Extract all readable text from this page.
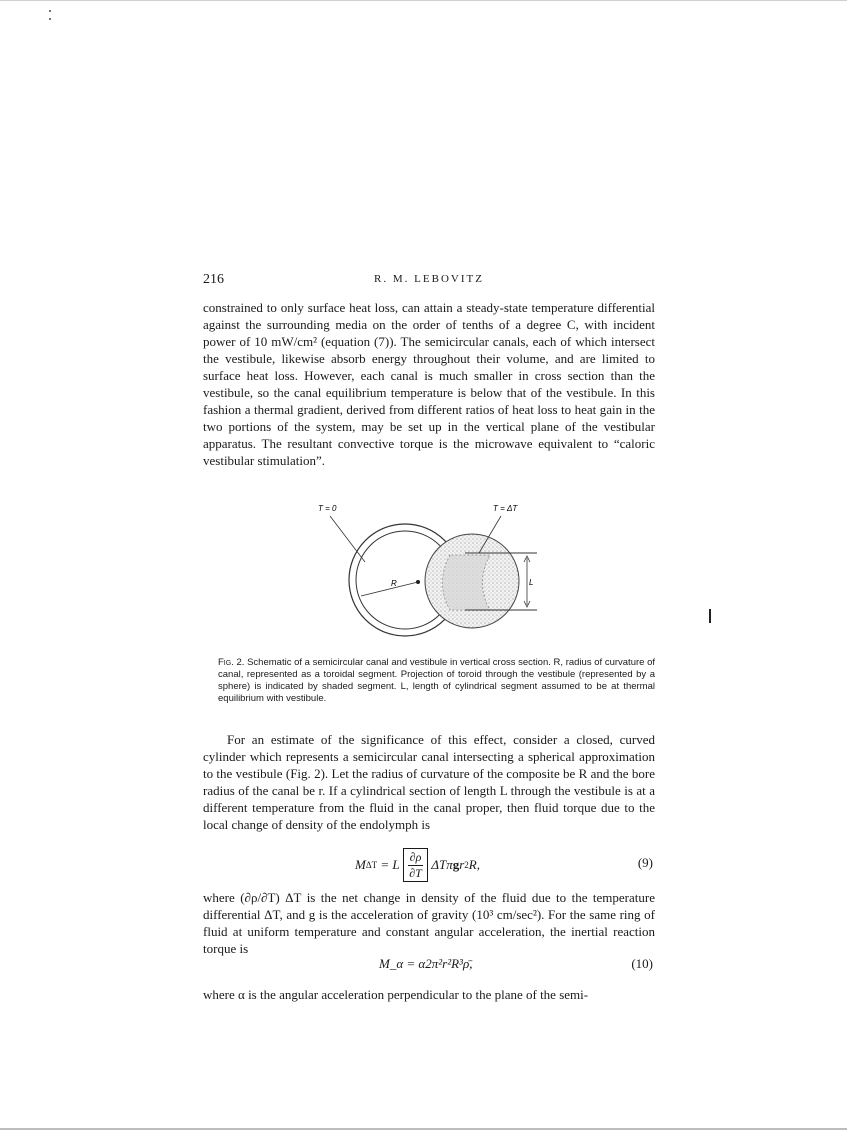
216	R. M. LEBOVITZ

constrained to only surface heat loss, can attain a steady-state temperature differential against the surrounding media on the order of tenths of a degree C, with incident power of 10 mW/cm² (equation (7)). The semicircular canals, each of which intersect the vestibule, likewise absorb energy throughout their volume, and are limited to surface heat loss. However, each canal is much smaller in cross section than the vestibule, so the canal equilibrium temperature is below that of the vestibule. In this fashion a thermal gradient, derived from different ratios of heat loss to heat gain in the two portions of the system, may be set up in the vertical plane of the vestibular apparatus. The resultant convective torque is the microwave equivalent to “caloric vestibular stimulation”.

L
R
T = 0	T = ΔT
Fig. 2. Schematic of a semicircular canal and vestibule in vertical cross section. R, radius of curvature of canal, represented as a toroidal segment. Projection of toroid through the vestibule (represented by a sphere) is indicated by shaded segment. L, length of cylindrical segment assumed to be at thermal equilibrium with vestibule.

For an estimate of the significance of this effect, consider a closed, curved cylinder which represents a semicircular canal intersecting a spherical approximation to the vestibule (Fig. 2). Let the radius of curvature of the composite be R and the bore radius of the canal be r. If a cylindrical section of length L through the vestibule is at a different temperature from the fluid in the canal proper, then fluid torque due to the local change of density of the endolymph is

M ΔT = L $\frac{\partial\rho}{\partial T}$ ΔTπ g r 2 R,	(9)

where (∂ρ/∂T) ΔT is the net change in density of the fluid due to the temperature differential ΔT, and g is the acceleration of gravity (10³ cm/sec²). For the same ring of fluid at uniform temperature and constant angular acceleration, the inertial reaction torque is

M_α = α2π²r²R³ρ̄,	(10)

where α is the angular acceleration perpendicular to the plane of the semi-
